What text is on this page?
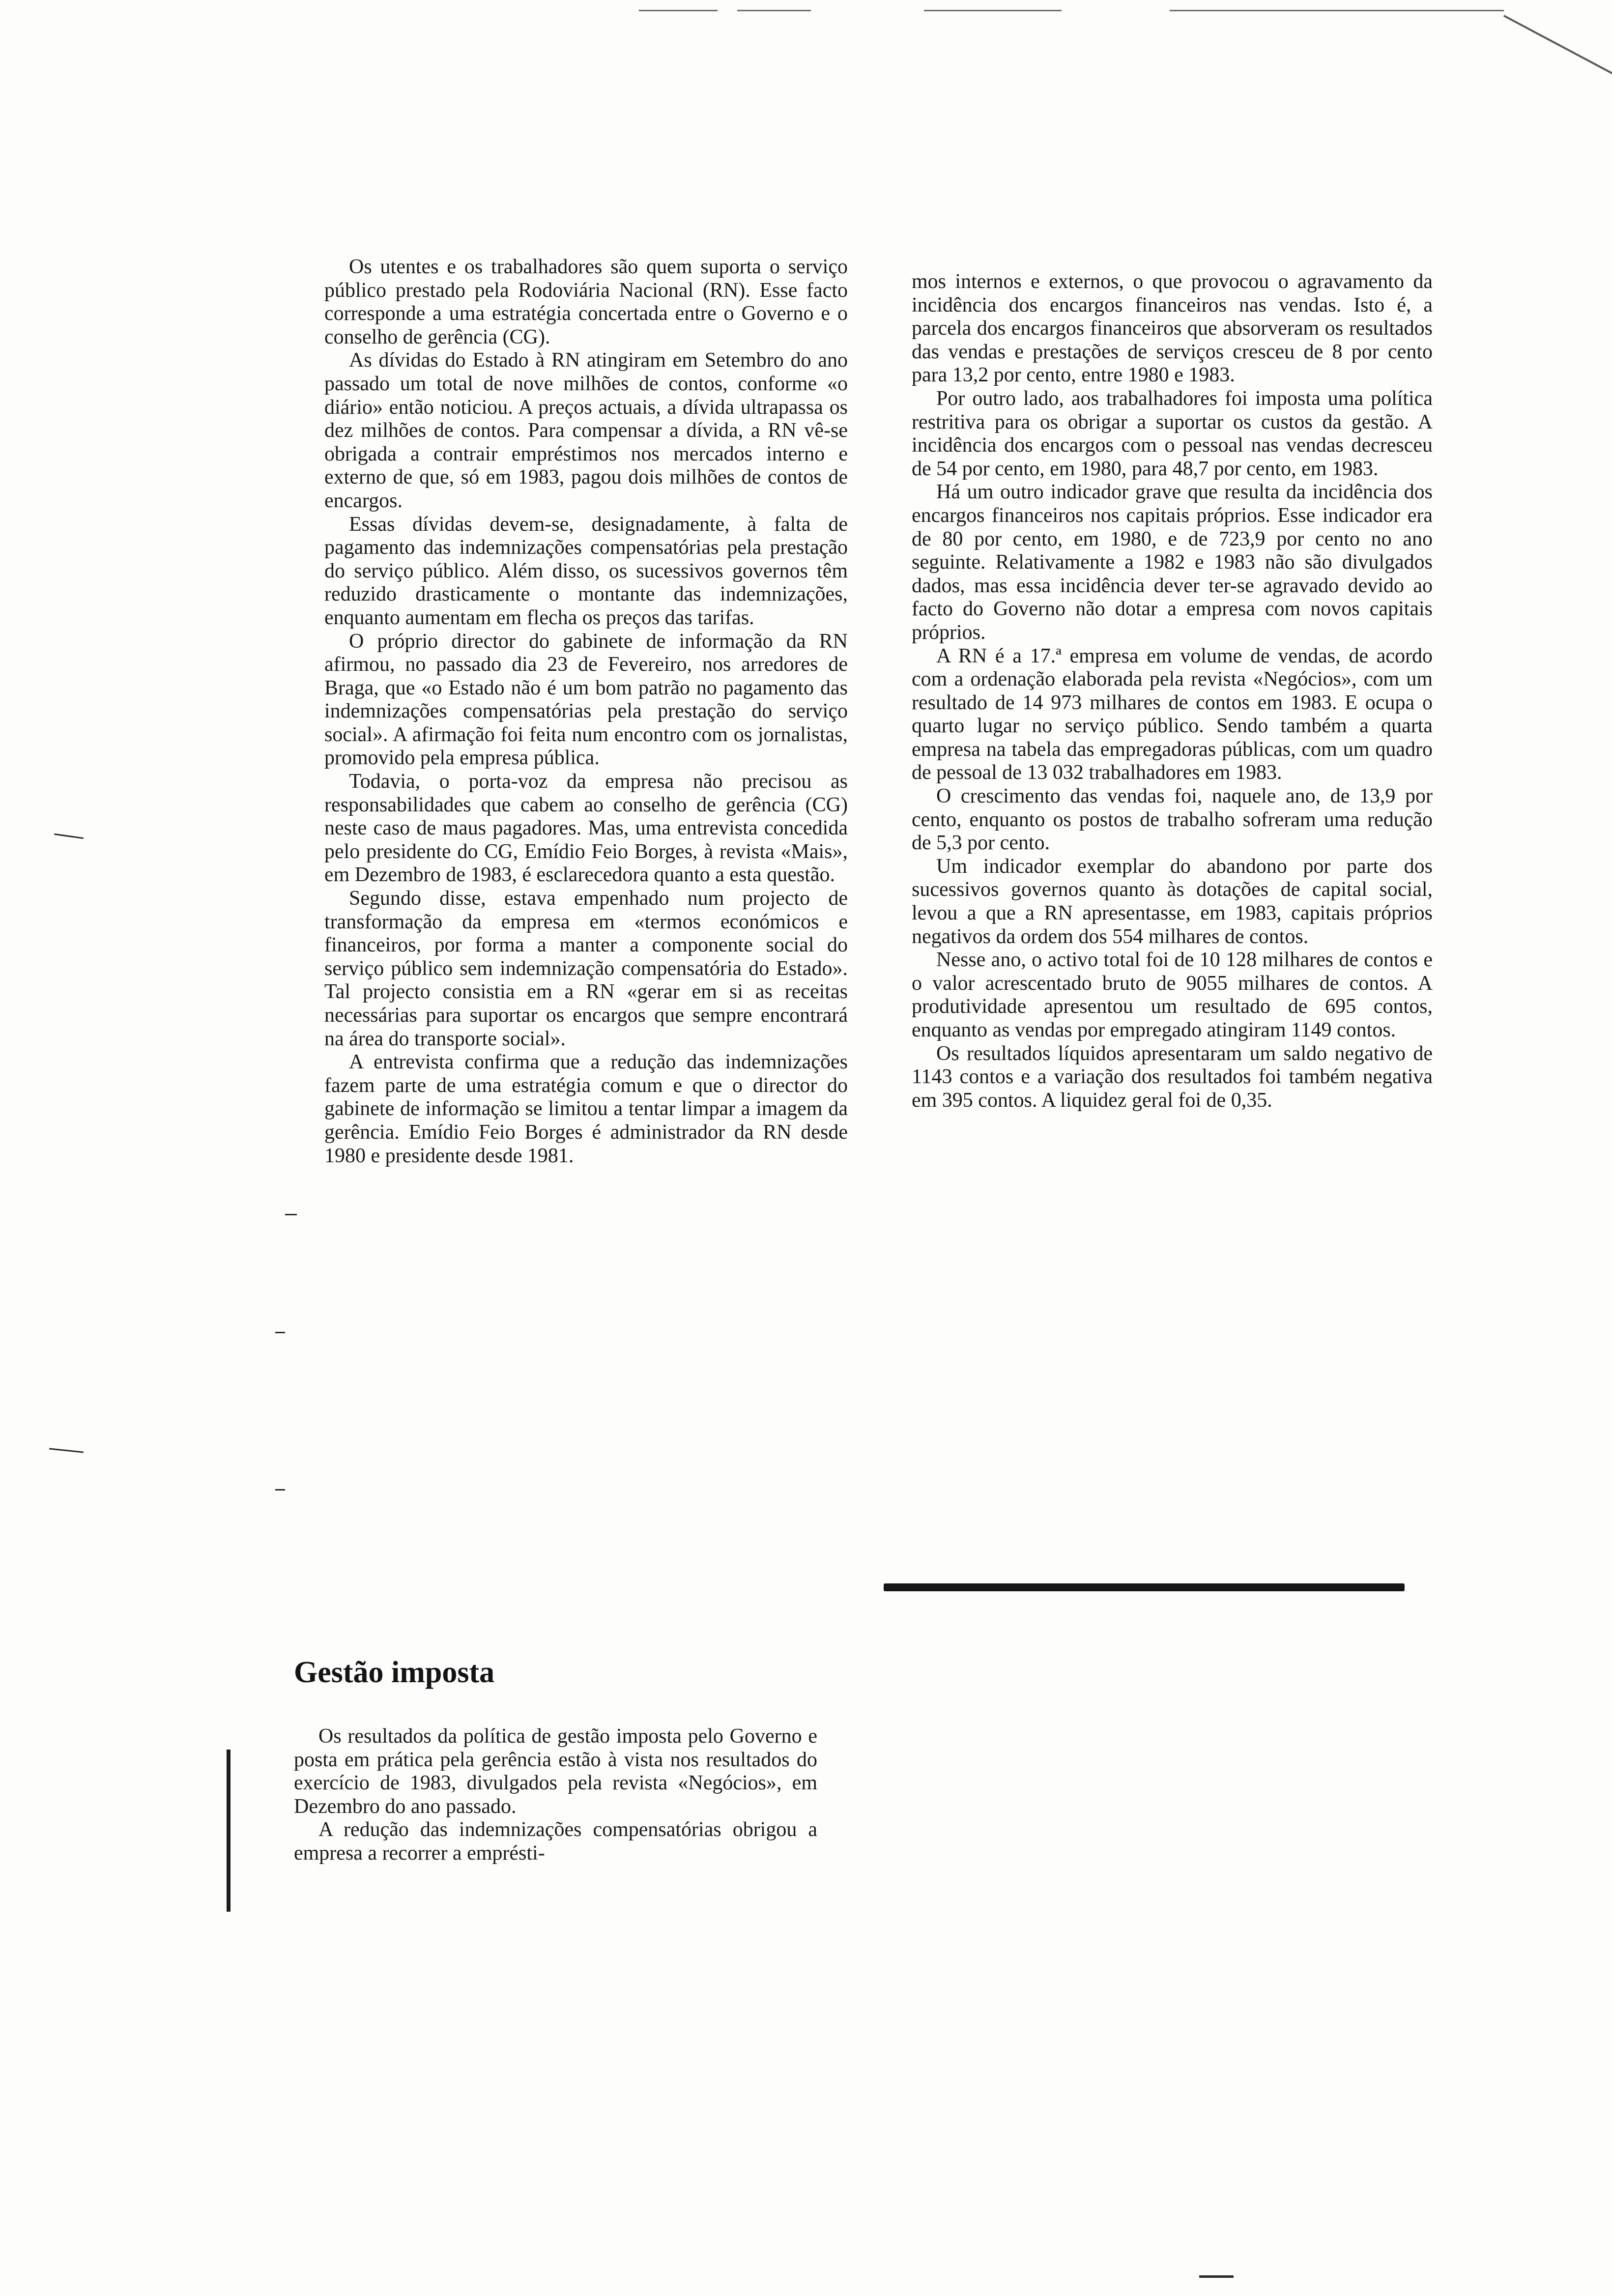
Os utentes e os trabalhadores são quem suporta o serviço público prestado pela Rodoviária Nacional (RN). Esse facto corresponde a uma estratégia concertada entre o Governo e o conselho de gerência (CG).

As dívidas do Estado à RN atingiram em Setembro do ano passado um total de nove milhões de contos, conforme «o diário» então noticiou. A preços actuais, a dívida ultrapassa os dez milhões de contos. Para compensar a dívida, a RN vê-se obrigada a contrair empréstimos nos mercados interno e externo de que, só em 1983, pagou dois milhões de contos de encargos.

Essas dívidas devem-se, designadamente, à falta de pagamento das indemnizações compensatórias pela prestação do serviço público. Além disso, os sucessivos governos têm reduzido drasticamente o montante das indemnizações, enquanto aumentam em flecha os preços das tarifas.

O próprio director do gabinete de informação da RN afirmou, no passado dia 23 de Fevereiro, nos arredores de Braga, que «o Estado não é um bom patrão no pagamento das indemnizações compensatórias pela prestação do serviço social». A afirmação foi feita num encontro com os jornalistas, promovido pela empresa pública.

Todavia, o porta-voz da empresa não precisou as responsabilidades que cabem ao conselho de gerência (CG) neste caso de maus pagadores. Mas, uma entrevista concedida pelo presidente do CG, Emídio Feio Borges, à revista «Mais», em Dezembro de 1983, é esclarecedora quanto a esta questão.

Segundo disse, estava empenhado num projecto de transformação da empresa em «termos económicos e financeiros, por forma a manter a componente social do serviço público sem indemnização compensatória do Estado». Tal projecto consistia em a RN «gerar em si as receitas necessárias para suportar os encargos que sempre encontrará na área do transporte social».

A entrevista confirma que a redução das indemnizações fazem parte de uma estratégia comum e que o director do gabinete de informação se limitou a tentar limpar a imagem da gerência. Emídio Feio Borges é administrador da RN desde 1980 e presidente desde 1981.

mos internos e externos, o que provocou o agravamento da incidência dos encargos financeiros nas vendas. Isto é, a parcela dos encargos financeiros que absorveram os resultados das vendas e prestações de serviços cresceu de 8 por cento para 13,2 por cento, entre 1980 e 1983.

Por outro lado, aos trabalhadores foi imposta uma política restritiva para os obrigar a suportar os custos da gestão. A incidência dos encargos com o pessoal nas vendas decresceu de 54 por cento, em 1980, para 48,7 por cento, em 1983.

Há um outro indicador grave que resulta da incidência dos encargos financeiros nos capitais próprios. Esse indicador era de 80 por cento, em 1980, e de 723,9 por cento no ano seguinte. Relativamente a 1982 e 1983 não são divulgados dados, mas essa incidência dever ter-se agravado devido ao facto do Governo não dotar a empresa com novos capitais próprios.

A RN é a 17.ª empresa em volume de vendas, de acordo com a ordenação elaborada pela revista «Negócios», com um resultado de 14 973 milhares de contos em 1983. E ocupa o quarto lugar no serviço público. Sendo também a quarta empresa na tabela das empregadoras públicas, com um quadro de pessoal de 13 032 trabalhadores em 1983.

O crescimento das vendas foi, naquele ano, de 13,9 por cento, enquanto os postos de trabalho sofreram uma redução de 5,3 por cento.

Um indicador exemplar do abandono por parte dos sucessivos governos quanto às dotações de capital social, levou a que a RN apresentasse, em 1983, capitais próprios negativos da ordem dos 554 milhares de contos.

Nesse ano, o activo total foi de 10 128 milhares de contos e o valor acrescentado bruto de 9055 milhares de contos. A produtividade apresentou um resultado de 695 contos, enquanto as vendas por empregado atingiram 1149 contos.

Os resultados líquidos apresentaram um saldo negativo de 1143 contos e a variação dos resultados foi também negativa em 395 contos. A liquidez geral foi de 0,35.

Gestão imposta

Os resultados da política de gestão imposta pelo Governo e posta em prática pela gerência estão à vista nos resultados do exercício de 1983, divulgados pela revista «Negócios», em Dezembro do ano passado.

A redução das indemnizações compensatórias obrigou a empresa a recorrer a emprésti-
